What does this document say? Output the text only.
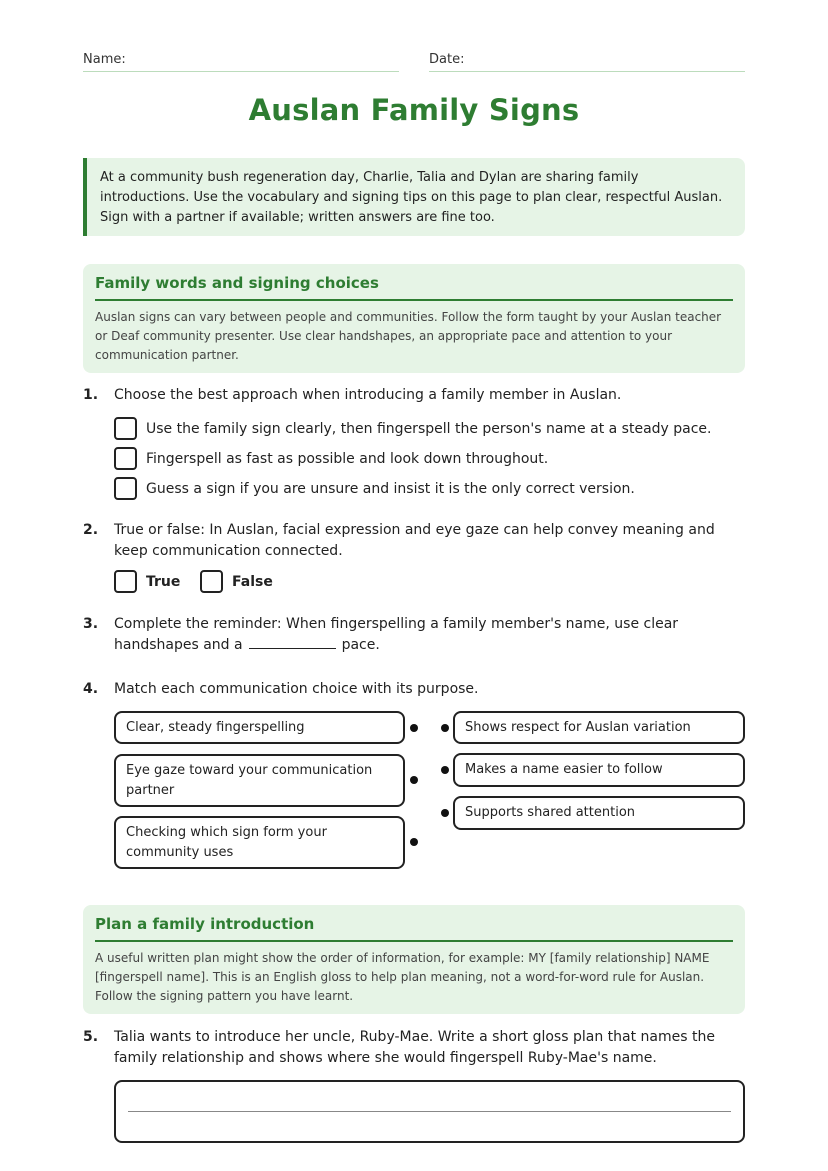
Name:	Date:
Auslan Family Signs
At a community bush regeneration day, Charlie, Talia and Dylan are sharing family introductions. Use the vocabulary and signing tips on this page to plan clear, respectful Auslan. Sign with a partner if available; written answers are fine too.
Family words and signing choices

Auslan signs can vary between people and communities. Follow the form taught by your Auslan teacher or Deaf community presenter. Use clear handshapes, an appropriate pace and attention to your communication partner.

1. Choose the best approach when introducing a family member in Auslan.
Use the family sign clearly, then fingerspell the person's name at a steady pace.
Fingerspell as fast as possible and look down throughout.
Guess a sign if you are unsure and insist it is the only correct version.
2. True or false: In Auslan, facial expression and eye gaze can help convey meaning and keep communication connected.
True	False
3. Complete the reminder: When fingerspelling a family member's name, use clear handshapes and a	pace.
4. Match each communication choice with its purpose.
Clear, steady fingerspelling
Eye gaze toward your communication partner
Checking which sign form your community uses
Shows respect for Auslan variation
Makes a name easier to follow
Supports shared attention
Plan a family introduction

A useful written plan might show the order of information, for example: MY [family relationship] NAME [fingerspell name]. This is an English gloss to help plan meaning, not a word-for-word rule for Auslan. Follow the signing pattern you have learnt.

5. Talia wants to introduce her uncle, Ruby-Mae. Write a short gloss plan that names the family relationship and shows where she would fingerspell Ruby-Mae's name.
